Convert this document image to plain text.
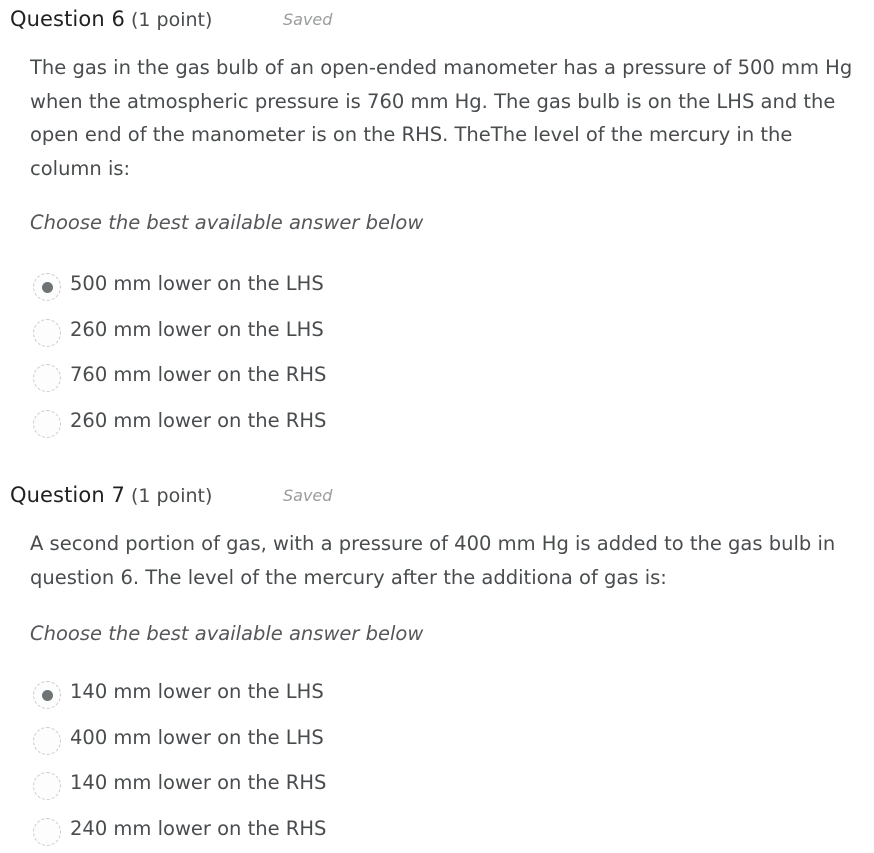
Question 6 (1 point)	Saved
The gas in the gas bulb of an open-ended manometer has a pressure of 500 mm Hg
when the atmospheric pressure is 760 mm Hg. The gas bulb is on the LHS and the
open end of the manometer is on the RHS. TheThe level of the mercury in the
column is:
Choose the best available answer below
500 mm lower on the LHS
260 mm lower on the LHS
760 mm lower on the RHS
260 mm lower on the RHS
Question 7 (1 point)	Saved
A second portion of gas, with a pressure of 400 mm Hg is added to the gas bulb in
question 6. The level of the mercury after the additiona of gas is:
Choose the best available answer below
140 mm lower on the LHS
400 mm lower on the LHS
140 mm lower on the RHS
240 mm lower on the RHS
